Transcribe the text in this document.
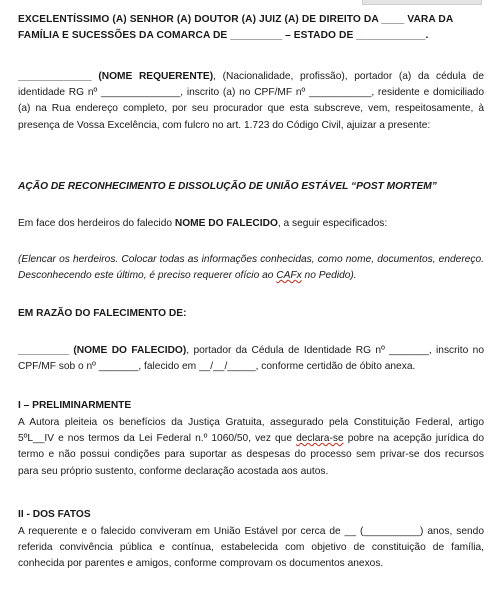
EXCELENTÍSSIMO (A) SENHOR (A) DOUTOR (A) JUIZ (A) DE DIREITO DA ____ VARA DA
FAMÍLIA E SUCESSÕES DA COMARCA DE _________ – ESTADO DE ____________.

_____________ (NOME REQUERENTE), (Nacionalidade, profissão), portador (a) da cédula de identidade RG nº ______________, inscrito (a) no CPF/MF nº ___________, residente e domiciliado (a) na Rua endereço completo, por seu procurador que esta subscreve, vem, respeitosamente, à presença de Vossa Excelência, com fulcro no art. 1.723 do Código Civil, ajuizar a presente:

AÇÃO DE RECONHECIMENTO E DISSOLUÇÃO DE UNIÃO ESTÁVEL “POST MORTEM”

Em face dos herdeiros do falecido NOME DO FALECIDO, a seguir especificados:

(Elencar os herdeiros. Colocar todas as informações conhecidas, como nome, documentos, endereço. Desconhecendo este último, é preciso requerer ofício ao CAFx no Pedido).

EM RAZÃO DO FALECIMENTO DE:

_________ (NOME DO FALECIDO), portador da Cédula de Identidade RG nº _______, inscrito no CPF/MF sob o nº _______, falecido em __/__/_____, conforme certidão de óbito anexa.

I – PRELIMINARMENTE

A Autora pleiteia os benefícios da Justiça Gratuita, assegurado pela Constituição Federal, artigo 5ºL__IV e nos termos da Lei Federal n.º 1060/50, vez que declara-se pobre na acepção jurídica do termo e não possui condições para suportar as despesas do processo sem privar-se dos recursos para seu próprio sustento, conforme declaração acostada aos autos.

II - DOS FATOS

A requerente e o falecido conviveram em União Estável por cerca de __ (__________) anos, sendo referida convivência pública e contínua, estabelecida com objetivo de constituição de família, conhecida por parentes e amigos, conforme comprovam os documentos anexos.
